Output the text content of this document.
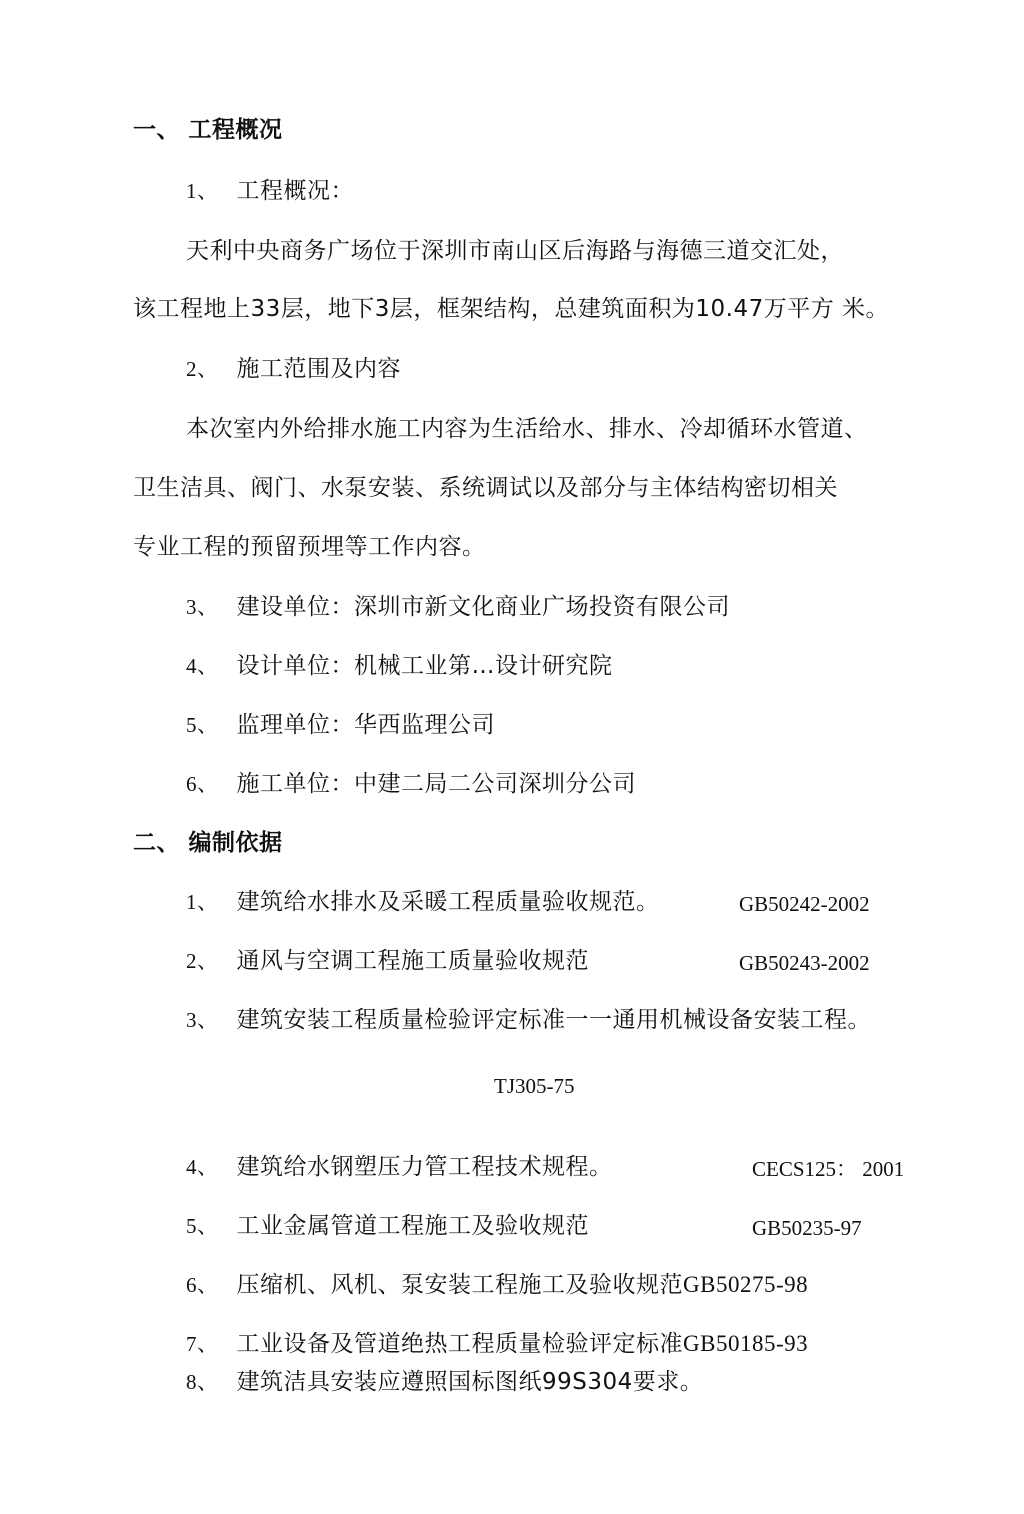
一、 工程概况
1、 工程概况：
天利中央商务广场位于深圳市南山区后海路与海德三道交汇处，
该工程地上33层，地下3层，框架结构，总建筑面积为10.47万平方 米。
2、 施工范围及内容
本次室内外给排水施工内容为生活给水、排水、冷却循环水管道、
卫生洁具、阀门、水泵安装、系统调试以及部分与主体结构密切相关
专业工程的预留预埋等工作内容。
3、 建设单位：深圳市新文化商业广场投资有限公司
4、 设计单位：机械工业第…设计研究院
5、 监理单位：华西监理公司
6、 施工单位：中建二局二公司深圳分公司
二、 编制依据
1、 建筑给水排水及采暖工程质量验收规范。	GB50242-2002
2、 通风与空调工程施工质量验收规范	GB50243-2002
3、 建筑安装工程质量检验评定标准一一通用机械设备安装工程。
TJ305-75
4、 建筑给水钢塑压力管工程技术规程。	CECS125： 2001
5、 工业金属管道工程施工及验收规范	GB50235-97
6、 压缩机、风机、泵安装工程施工及验收规范GB50275-98
7、 工业设备及管道绝热工程质量检验评定标准GB50185-93
8、 建筑洁具安装应遵照国标图纸99S304要求。
